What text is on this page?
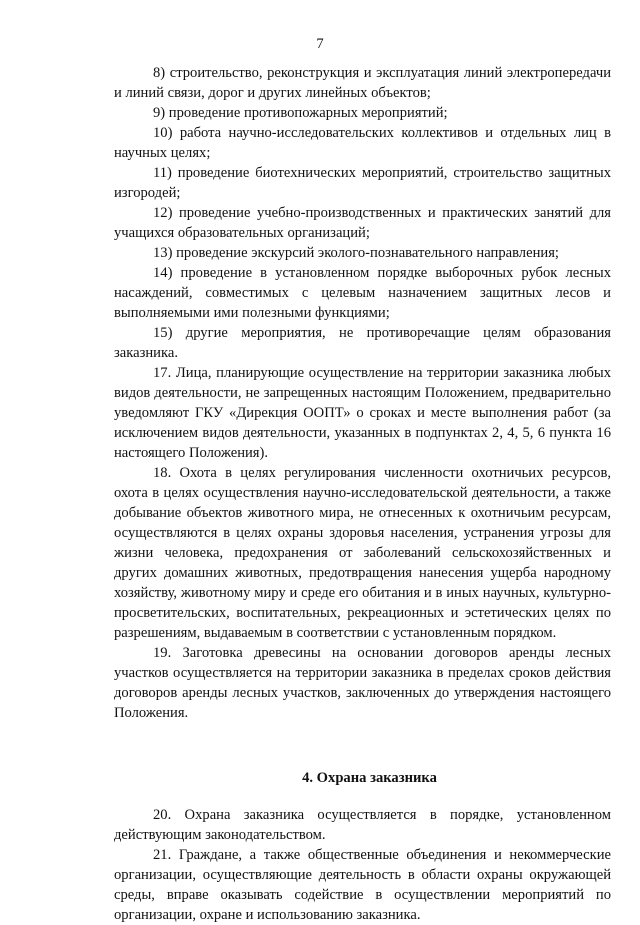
7

8) строительство, реконструкция и эксплуатация линий электропередачи и линий связи, дорог и других линейных объектов;

9) проведение противопожарных мероприятий;

10) работа научно-исследовательских коллективов и отдельных лиц в научных целях;

11) проведение биотехнических мероприятий, строительство защитных изгородей;

12) проведение учебно-производственных и практических занятий для учащихся образовательных организаций;

13) проведение экскурсий эколого-познавательного направления;

14) проведение в установленном порядке выборочных рубок лесных насаждений, совместимых с целевым назначением защитных лесов и выполняемыми ими полезными функциями;

15) другие мероприятия, не противоречащие целям образования заказника.

17. Лица, планирующие осуществление на территории заказника любых видов деятельности, не запрещенных настоящим Положением, предварительно уведомляют ГКУ «Дирекция ООПТ» о сроках и месте выполнения работ (за исключением видов деятельности, указанных в подпунктах 2, 4, 5, 6 пункта 16 настоящего Положения).

18. Охота в целях регулирования численности охотничьих ресурсов, охота в целях осуществления научно-исследовательской деятельности, а также добывание объектов животного мира, не отнесенных к охотничьим ресурсам, осуществляются в целях охраны здоровья населения, устранения угрозы для жизни человека, предохранения от заболеваний сельскохозяйственных и других домашних животных, предотвращения нанесения ущерба народному хозяйству, животному миру и среде его обитания и в иных научных, культурно-просветительских, воспитательных, рекреационных и эстетических целях по разрешениям, выдаваемым в соответствии с установленным порядком.

19. Заготовка древесины на основании договоров аренды лесных участков осуществляется на территории заказника в пределах сроков действия договоров аренды лесных участков, заключенных до утверждения настоящего Положения.

4. Охрана заказника

20. Охрана заказника осуществляется в порядке, установленном действующим законодательством.

21. Граждане, а также общественные объединения и некоммерческие организации, осуществляющие деятельность в области охраны окружающей среды, вправе оказывать содействие в осуществлении мероприятий по организации, охране и использованию заказника.
